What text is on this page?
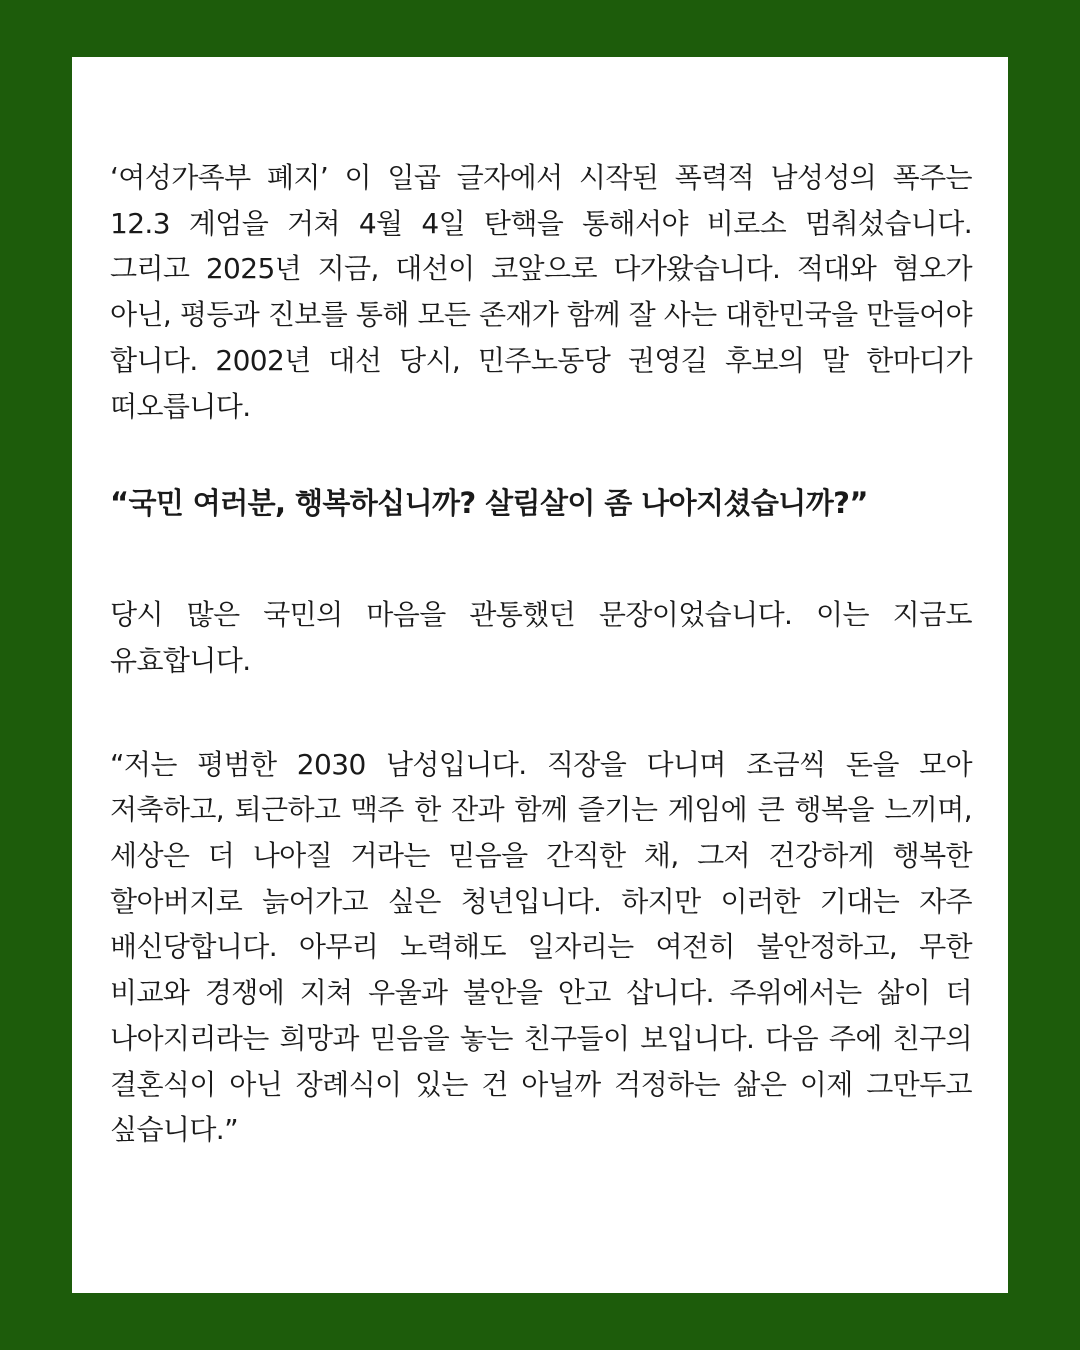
‘여성가족부 폐지’ 이 일곱 글자에서 시작된 폭력적 남성성의 폭주는 12.3 계엄을 거쳐 4월 4일 탄핵을 통해서야 비로소 멈춰섰습니다. 그리고 2025년 지금, 대선이 코앞으로 다가왔습니다. 적대와 혐오가 아닌, 평등과 진보를 통해 모든 존재가 함께 잘 사는 대한민국을 만들어야 합니다. 2002년 대선 당시, 민주노동당 권영길 후보의 말 한마디가 떠오릅니다.

“국민 여러분, 행복하십니까? 살림살이 좀 나아지셨습니까?”

당시 많은 국민의 마음을 관통했던 문장이었습니다. 이는 지금도 유효합니다.

“저는 평범한 2030 남성입니다. 직장을 다니며 조금씩 돈을 모아 저축하고, 퇴근하고 맥주 한 잔과 함께 즐기는 게임에 큰 행복을 느끼며, 세상은 더 나아질 거라는 믿음을 간직한 채, 그저 건강하게 행복한 할아버지로 늙어가고 싶은 청년입니다. 하지만 이러한 기대는 자주 배신당합니다. 아무리 노력해도 일자리는 여전히 불안정하고, 무한 비교와 경쟁에 지쳐 우울과 불안을 안고 삽니다. 주위에서는 삶이 더 나아지리라는 희망과 믿음을 놓는 친구들이 보입니다. 다음 주에 친구의 결혼식이 아닌 장례식이 있는 건 아닐까 걱정하는 삶은 이제 그만두고 싶습니다.”
